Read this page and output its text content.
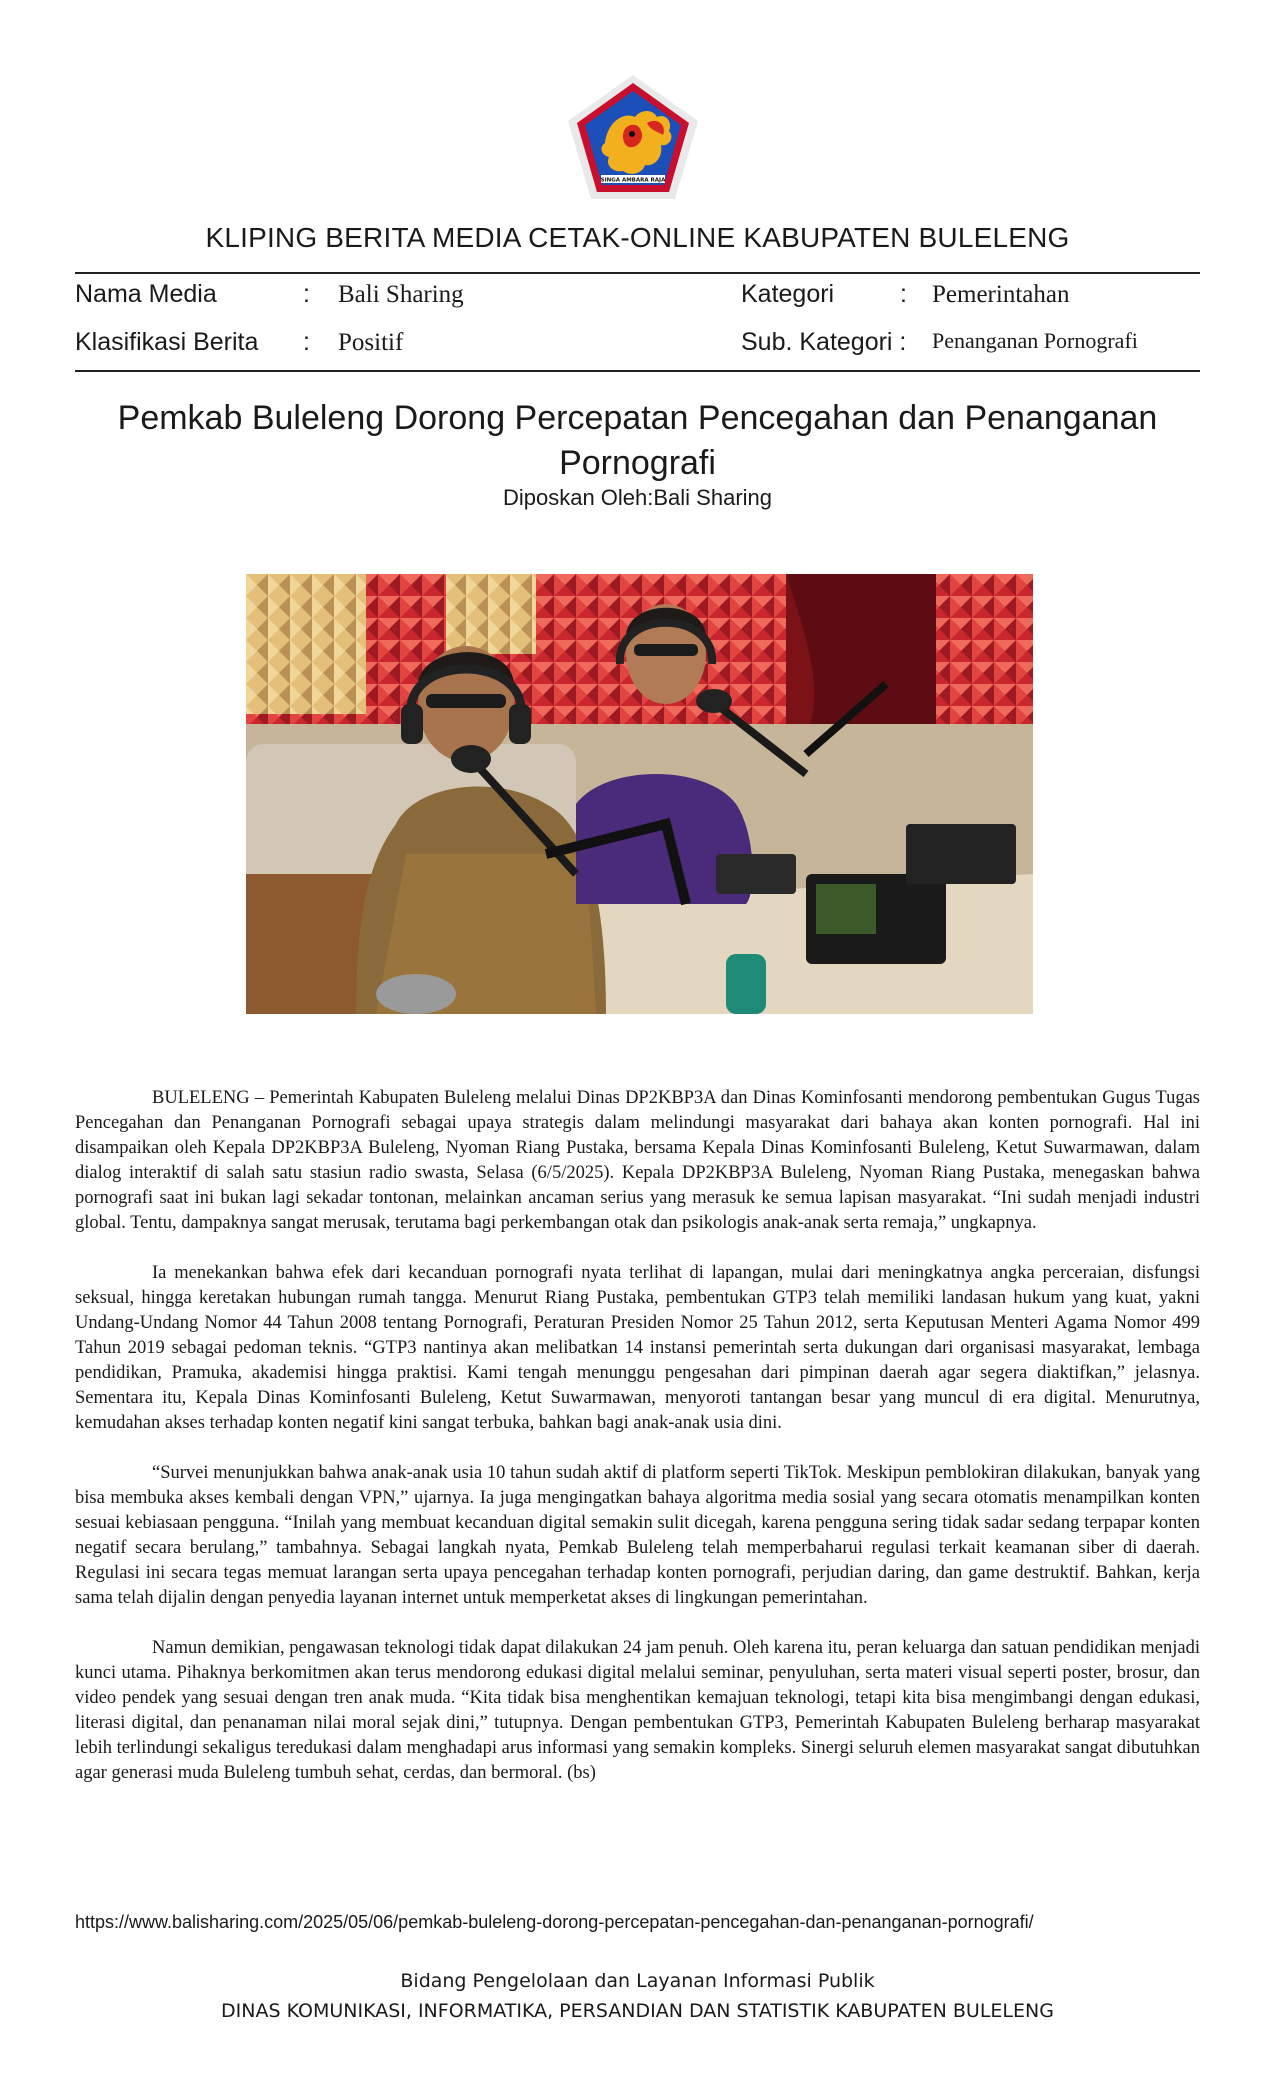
SINGA AMBARA RAJA
KLIPING BERITA MEDIA CETAK-ONLINE KABUPATEN BULELENG
Nama Media	: Bali Sharing	Kategori	: Pemerintahan
Klasifikasi Berita : Positif	Sub. Kategori : Penanganan Pornografi
Pemkab Buleleng Dorong Percepatan Pencegahan dan Penanganan Pornografi
Diposkan Oleh:Bali Sharing

BULELENG – Pemerintah Kabupaten Buleleng melalui Dinas DP2KBP3A dan Dinas Kominfosanti mendorong pembentukan Gugus Tugas Pencegahan dan Penanganan Pornografi sebagai upaya strategis dalam melindungi masyarakat dari bahaya akan konten pornografi. Hal ini disampaikan oleh Kepala DP2KBP3A Buleleng, Nyoman Riang Pustaka, bersama Kepala Dinas Kominfosanti Buleleng, Ketut Suwarmawan, dalam dialog interaktif di salah satu stasiun radio swasta, Selasa (6/5/2025). Kepala DP2KBP3A Buleleng, Nyoman Riang Pustaka, menegaskan bahwa pornografi saat ini bukan lagi sekadar tontonan, melainkan ancaman serius yang merasuk ke semua lapisan masyarakat. “Ini sudah menjadi industri global. Tentu, dampaknya sangat merusak, terutama bagi perkembangan otak dan psikologis anak-anak serta remaja,” ungkapnya.

Ia menekankan bahwa efek dari kecanduan pornografi nyata terlihat di lapangan, mulai dari meningkatnya angka perceraian, disfungsi seksual, hingga keretakan hubungan rumah tangga. Menurut Riang Pustaka, pembentukan GTP3 telah memiliki landasan hukum yang kuat, yakni Undang-Undang Nomor 44 Tahun 2008 tentang Pornografi, Peraturan Presiden Nomor 25 Tahun 2012, serta Keputusan Menteri Agama Nomor 499 Tahun 2019 sebagai pedoman teknis. “GTP3 nantinya akan melibatkan 14 instansi pemerintah serta dukungan dari organisasi masyarakat, lembaga pendidikan, Pramuka, akademisi hingga praktisi. Kami tengah menunggu pengesahan dari pimpinan daerah agar segera diaktifkan,” jelasnya. Sementara itu, Kepala Dinas Kominfosanti Buleleng, Ketut Suwarmawan, menyoroti tantangan besar yang muncul di era digital. Menurutnya, kemudahan akses terhadap konten negatif kini sangat terbuka, bahkan bagi anak-anak usia dini.

“Survei menunjukkan bahwa anak-anak usia 10 tahun sudah aktif di platform seperti TikTok. Meskipun pemblokiran dilakukan, banyak yang bisa membuka akses kembali dengan VPN,” ujarnya. Ia juga mengingatkan bahaya algoritma media sosial yang secara otomatis menampilkan konten sesuai kebiasaan pengguna. “Inilah yang membuat kecanduan digital semakin sulit dicegah, karena pengguna sering tidak sadar sedang terpapar konten negatif secara berulang,” tambahnya. Sebagai langkah nyata, Pemkab Buleleng telah memperbaharui regulasi terkait keamanan siber di daerah. Regulasi ini secara tegas memuat larangan serta upaya pencegahan terhadap konten pornografi, perjudian daring, dan game destruktif. Bahkan, kerja sama telah dijalin dengan penyedia layanan internet untuk memperketat akses di lingkungan pemerintahan.

Namun demikian, pengawasan teknologi tidak dapat dilakukan 24 jam penuh. Oleh karena itu, peran keluarga dan satuan pendidikan menjadi kunci utama. Pihaknya berkomitmen akan terus mendorong edukasi digital melalui seminar, penyuluhan, serta materi visual seperti poster, brosur, dan video pendek yang sesuai dengan tren anak muda. “Kita tidak bisa menghentikan kemajuan teknologi, tetapi kita bisa mengimbangi dengan edukasi, literasi digital, dan penanaman nilai moral sejak dini,” tutupnya. Dengan pembentukan GTP3, Pemerintah Kabupaten Buleleng berharap masyarakat lebih terlindungi sekaligus teredukasi dalam menghadapi arus informasi yang semakin kompleks. Sinergi seluruh elemen masyarakat sangat dibutuhkan agar generasi muda Buleleng tumbuh sehat, cerdas, dan bermoral. (bs)

https://www.balisharing.com/2025/05/06/pemkab-buleleng-dorong-percepatan-pencegahan-dan-penanganan-pornografi/
Bidang Pengelolaan dan Layanan Informasi Publik
DINAS KOMUNIKASI, INFORMATIKA, PERSANDIAN DAN STATISTIK KABUPATEN BULELENG
